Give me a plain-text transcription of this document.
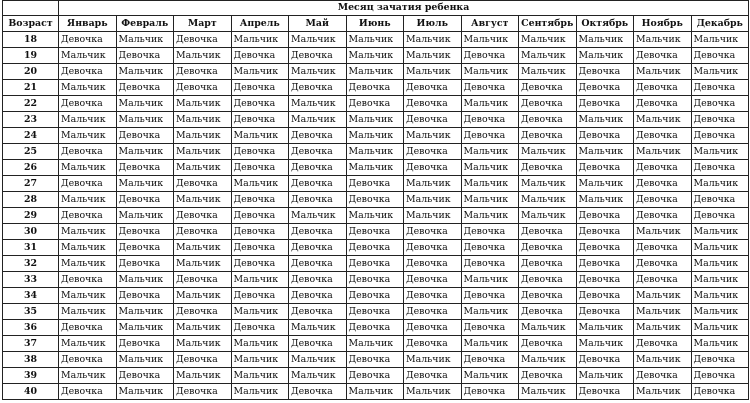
	Месяц зачатия ребенка											
Возраст	Январь	Февраль	Март	Апрель	Май	Июнь	Июль	Август	Сентябрь	Октябрь	Ноябрь	Декабрь
18	Девочка	Мальчик	Девочка	Мальчик	Мальчик	Мальчик	Мальчик	Мальчик	Мальчик	Мальчик	Мальчик	Мальчик
19	Мальчик	Девочка	Мальчик	Девочка	Девочка	Мальчик	Мальчик	Девочка	Мальчик	Мальчик	Девочка	Девочка
20	Девочка	Мальчик	Девочка	Мальчик	Мальчик	Мальчик	Мальчик	Мальчик	Мальчик	Девочка	Мальчик	Мальчик
21	Мальчик	Девочка	Девочка	Девочка	Девочка	Девочка	Девочка	Девочка	Девочка	Девочка	Девочка	Девочка
22	Девочка	Мальчик	Мальчик	Девочка	Мальчик	Девочка	Девочка	Мальчик	Девочка	Девочка	Девочка	Девочка
23	Мальчик	Мальчик	Мальчик	Девочка	Мальчик	Мальчик	Девочка	Девочка	Девочка	Мальчик	Мальчик	Девочка
24	Мальчик	Девочка	Мальчик	Мальчик	Девочка	Мальчик	Мальчик	Девочка	Девочка	Девочка	Девочка	Девочка
25	Девочка	Мальчик	Мальчик	Девочка	Девочка	Мальчик	Девочка	Мальчик	Мальчик	Мальчик	Мальчик	Мальчик
26	Мальчик	Девочка	Мальчик	Девочка	Девочка	Мальчик	Девочка	Мальчик	Девочка	Девочка	Девочка	Девочка
27	Девочка	Мальчик	Девочка	Мальчик	Девочка	Девочка	Мальчик	Мальчик	Мальчик	Мальчик	Девочка	Мальчик
28	Мальчик	Девочка	Мальчик	Девочка	Девочка	Девочка	Мальчик	Мальчик	Мальчик	Мальчик	Девочка	Девочка
29	Девочка	Мальчик	Девочка	Девочка	Мальчик	Мальчик	Мальчик	Мальчик	Мальчик	Девочка	Девочка	Девочка
30	Мальчик	Девочка	Девочка	Девочка	Девочка	Девочка	Девочка	Девочка	Девочка	Девочка	Мальчик	Мальчик
31	Мальчик	Девочка	Мальчик	Девочка	Девочка	Девочка	Девочка	Девочка	Девочка	Девочка	Девочка	Мальчик
32	Мальчик	Девочка	Мальчик	Девочка	Девочка	Девочка	Девочка	Девочка	Девочка	Девочка	Девочка	Мальчик
33	Девочка	Мальчик	Девочка	Мальчик	Девочка	Девочка	Девочка	Мальчик	Девочка	Девочка	Девочка	Мальчик
34	Мальчик	Девочка	Мальчик	Девочка	Девочка	Девочка	Девочка	Девочка	Девочка	Девочка	Мальчик	Мальчик
35	Мальчик	Мальчик	Девочка	Мальчик	Девочка	Девочка	Девочка	Мальчик	Девочка	Девочка	Мальчик	Мальчик
36	Девочка	Мальчик	Мальчик	Девочка	Мальчик	Девочка	Девочка	Девочка	Мальчик	Мальчик	Мальчик	Мальчик
37	Мальчик	Девочка	Мальчик	Мальчик	Девочка	Мальчик	Девочка	Мальчик	Девочка	Мальчик	Девочка	Мальчик
38	Девочка	Мальчик	Девочка	Мальчик	Мальчик	Девочка	Мальчик	Девочка	Мальчик	Девочка	Мальчик	Девочка
39	Мальчик	Девочка	Мальчик	Мальчик	Мальчик	Девочка	Девочка	Мальчик	Девочка	Мальчик	Девочка	Девочка
40	Девочка	Мальчик	Девочка	Мальчик	Девочка	Мальчик	Мальчик	Девочка	Мальчик	Девочка	Мальчик	Девочка
